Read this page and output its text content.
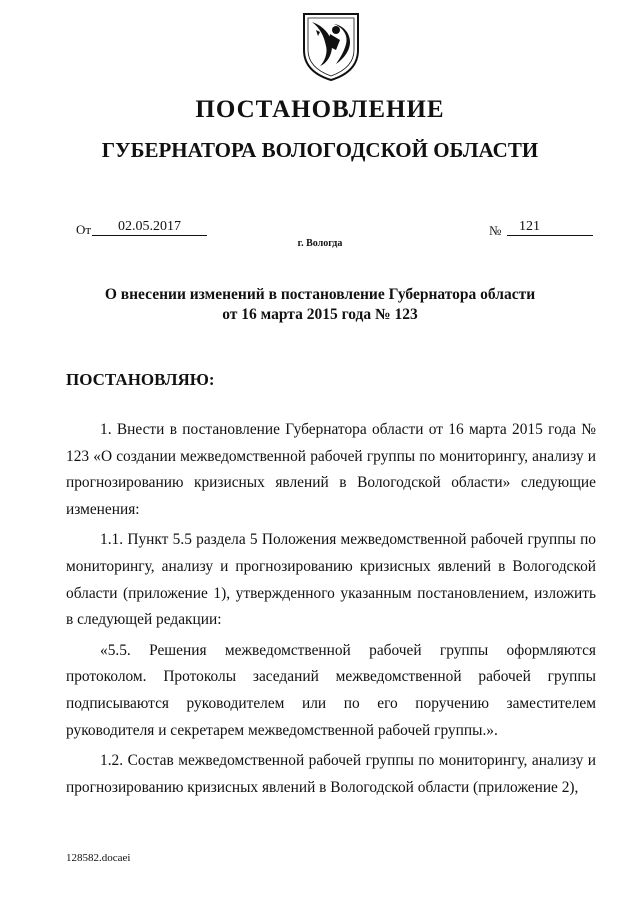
ПОСТАНОВЛЕНИЕ
ГУБЕРНАТОРА ВОЛОГОДСКОЙ ОБЛАСТИ
От	02.05.2017	№	121
г. Вологда
О внесении изменений в постановление Губернатора области
от 16 марта 2015 года № 123
ПОСТАНОВЛЯЮ:

1. Внести в постановление Губернатора области от 16 марта 2015 года № 123 «О создании межведомственной рабочей группы по мониторингу, анализу и прогнозированию кризисных явлений в Вологодской области» следующие изменения:

1.1. Пункт 5.5 раздела 5 Положения межведомственной рабочей группы по мониторингу, анализу и прогнозированию кризисных явлений в Вологодской области (приложение 1), утвержденного указанным постановлением, изложить в следующей редакции:

«5.5. Решения межведомственной рабочей группы оформляются протоколом. Протоколы заседаний межведомственной рабочей группы подписываются руководителем или по его поручению заместителем руководителя и секретарем межведомственной рабочей группы.».

1.2. Состав межведомственной рабочей группы по мониторингу, анализу и прогнозированию кризисных явлений в Вологодской области (приложение 2),

128582.docaei
